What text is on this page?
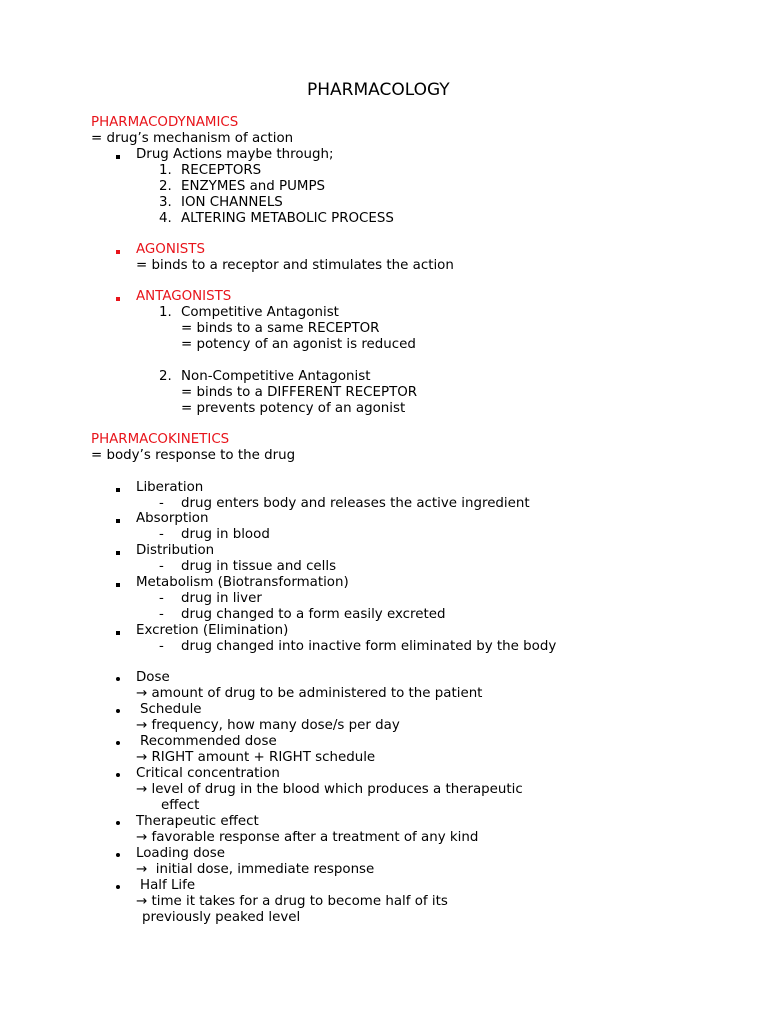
PHARMACOLOGY
PHARMACODYNAMICS
= drug’s mechanism of action
Drug Actions maybe through;
1. RECEPTORS
2. ENZYMES and PUMPS
3. ION CHANNELS
4. ALTERING METABOLIC PROCESS
AGONISTS
= binds to a receptor and stimulates the action
ANTAGONISTS
1. Competitive Antagonist
= binds to a same RECEPTOR
= potency of an agonist is reduced
2. Non-Competitive Antagonist
= binds to a DIFFERENT RECEPTOR
= prevents potency of an agonist
PHARMACOKINETICS
= body’s response to the drug
Liberation
- drug enters body and releases the active ingredient
Absorption
- drug in blood
Distribution
- drug in tissue and cells
Metabolism (Biotransformation)
- drug in liver
- drug changed to a form easily excreted
Excretion (Elimination)
- drug changed into inactive form eliminated by the body
Dose
→ amount of drug to be administered to the patient
Schedule
→ frequency, how many dose/s per day
Recommended dose
→ RIGHT amount + RIGHT schedule
Critical concentration
→ level of drug in the blood which produces a therapeutic
effect
Therapeutic effect
→ favorable response after a treatment of any kind
Loading dose
→  initial dose, immediate response
Half Life
→ time it takes for a drug to become half of its
previously peaked level
